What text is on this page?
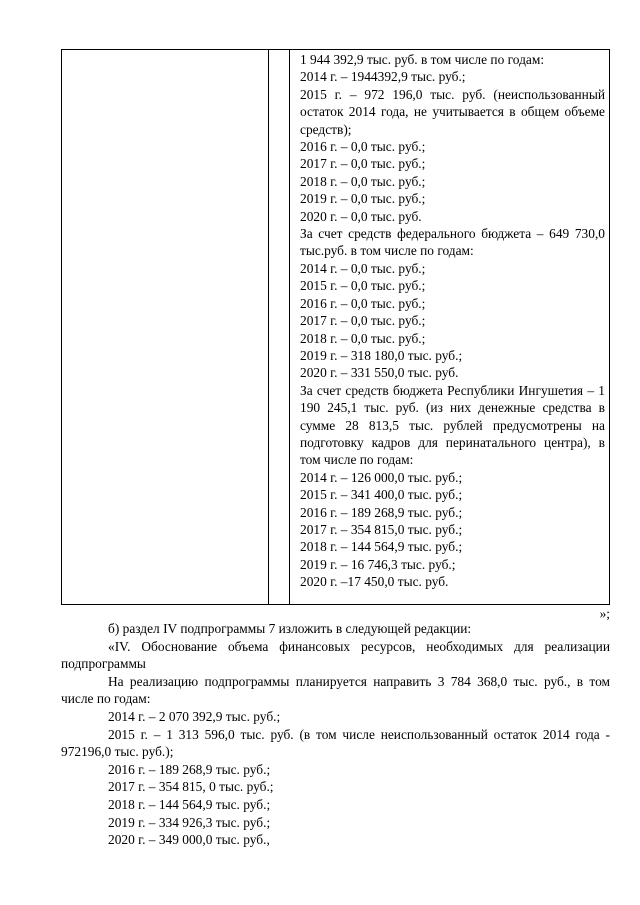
1 944 392,9 тыс. руб. в том числе по годам:

2014 г. – 1944392,9 тыс. руб.;

2015 г. – 972 196,0 тыс. руб. (неиспользованный остаток 2014 года, не учитывается в общем объеме средств);

2016 г. – 0,0 тыс. руб.;

2017 г. – 0,0 тыс. руб.;

2018 г. – 0,0 тыс. руб.;

2019 г. – 0,0 тыс. руб.;

2020 г. – 0,0 тыс. руб.

За счет средств федерального бюджета – 649 730,0 тыс.руб. в том числе по годам:

2014 г. – 0,0 тыс. руб.;

2015 г. – 0,0 тыс. руб.;

2016 г. – 0,0 тыс. руб.;

2017 г. – 0,0 тыс. руб.;

2018 г. – 0,0 тыс. руб.;

2019 г. – 318 180,0 тыс. руб.;

2020 г. – 331 550,0 тыс. руб.

За счет средств бюджета Республики Ингушетия – 1 190 245,1 тыс. руб. (из них денежные средства в сумме 28 813,5 тыс. рублей предусмотрены на подготовку кадров для перинатального центра), в том числе по годам:

2014 г. – 126 000,0 тыс. руб.;

2015 г. – 341 400,0 тыс. руб.;

2016 г. – 189 268,9 тыс. руб.;

2017 г. – 354 815,0 тыс. руб.;

2018 г. – 144 564,9 тыс. руб.;

2019 г. – 16 746,3 тыс. руб.;

2020 г. –17 450,0 тыс. руб.

»;

б) раздел IV подпрограммы 7 изложить в следующей редакции:

«IV. Обоснование объема финансовых ресурсов, необходимых для реализации подпрограммы

На реализацию подпрограммы планируется направить 3 784 368,0 тыс. руб., в том числе по годам:

2014 г. – 2 070 392,9 тыс. руб.;

2015 г. – 1 313 596,0 тыс. руб. (в том числе неиспользованный остаток 2014 года - 972196,0 тыс. руб.);

2016 г. – 189 268,9 тыс. руб.;

2017 г. – 354 815, 0 тыс. руб.;

2018 г. – 144 564,9 тыс. руб.;

2019 г. – 334 926,3 тыс. руб.;

2020 г. – 349 000,0 тыс. руб.,
